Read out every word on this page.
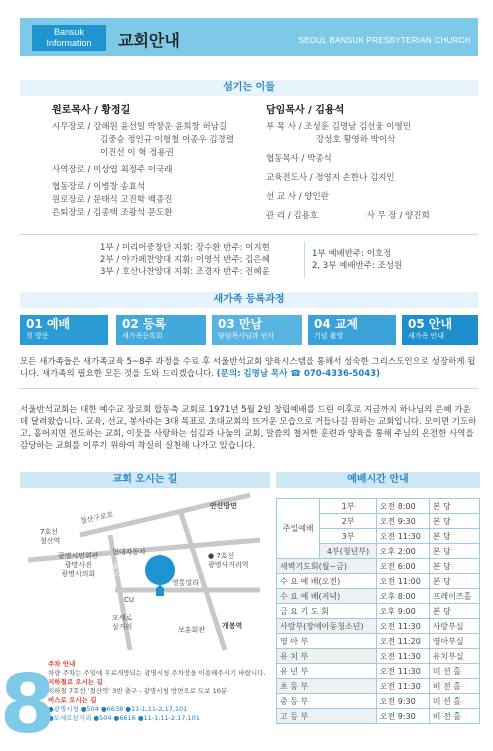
Bansuk
Information	교회안내	SEOUL BANSUK PRESBYTERIAN CHURCH
섬기는 이들
원로목사 / 황정길
시무장로 / 강해원 윤선일 박창운 윤희창 허남길
김중승 정인규 이형철 이종우 김경렬
이진선 이 혁 정용권
사역장로 / 이상엽 최정주 이국래
협동장로 / 이병창 송효석
원로장로 / 문태식 고진학 백종진
은퇴장로 / 김종택 조광석 문도환
담임목사 / 김용석
부 목 사 / 조성훈 김명남 김선웅 이영민
강성호 황영하 박이삭
협동목사 / 박종식
교육전도사 / 정영지 손한나 김지인
선 교 사 / 양인란
관 리 / 김용호	사 무 장 / 양진희
1부 / 미리어중창단 지휘: 장수환 반주: 이지현
2부 / 아가페찬양대 지휘: 이영석 반주: 김은혜
3부 / 호산나찬양대 지휘: 조경자 반주: 전혜윤
1부 예배반주: 이호정
2, 3부 예배반주: 조성원
새가족 등록과정
01 예배
첫 방문
02 등록
새가족등록회
03 만남
담임목사님과 인사
04 교제
기념 촬영
05 안내
새가족 안내
모든 새가족들은 새가족교육 5~8주 과정을 수료 후 서울반석교회 양육시스템을 통해서 성숙한 그리스도인으로 성장하게 됩니다. 새가족의 필요한 모든 것을 도와 드리겠습니다. (문의: 김명남 목사 ☎ 070-4336-5043)
서울반석교회는 대한 예수교 장로회 합동측 교회로 1971년 5월 2일 창립예배를 드린 이후로 지금까지 하나님의 은혜 가운데 달려왔습니다. 교육, 선교, 봉사라는 3대 목표로 초대교회의 뜨거운 모습으로 거듭나길 원하는 교회입니다. 모이면 기도하고, 흩어지면 전도하는 교회, 이웃을 사랑하는 섬김과 나눔의 교회, 말씀의 철저한 훈련과 양육을 통해 주님의 온전한 사역을 감당하는 교회를 이루기 위하여 착실히 실천해 나가고 있습니다.
교회 오시는 길
서울반석
교회
안산방면
철산구로로
7호선
철산역
현대자동차
광명시민회관
광명사진
광명시의회
● 7호선
광명사거리역
영통빌라
CU
모세로
삼거리	보훈회관 개봉역
주차 안내
차량 주차는 주일에 무료개방되는 광명시청 주차장을 이용해주시기 바랍니다.
지하철로 오시는 길
지하철 7호선 '철산역' 3번 출구 - 광명시청 방면으로 도보 10분
버스로 오시는 길
●광명시청 ●504 ●6638 ●11-1,11-2,17,101
●모세로삼거리 ●504 ●6616 ●11-1,11-2,17,101
8
예배시간 안내
주일예배	1부	오전 8:00	본 당
	2부	오전 9:30	본 당
	3부	오전 11:30	본 당
	4부(청년부)	오후 2:00	본 당
새벽기도회(월~금)		오전 6:00	본 당
수 요 예 배(오전)		오전 11:00	본 당
수 요 예 배(저녁)		오후 8:00	프레이즈홀
금 요 기 도 회		오후 9:00	본 당
사랑부(장애아동청소년)		오전 11:30	사랑부실
영 아 부		오전 11:20	영아부실
유 치 부		오전 11:30	유치부실
유 년 부		오전 11:30	미 션 홀
초 등 부		오전 11:30	비 전 홀
중 등 부		오전 9:30	미 션 홀
고 등 부		오전 9:30	비 전 홀
